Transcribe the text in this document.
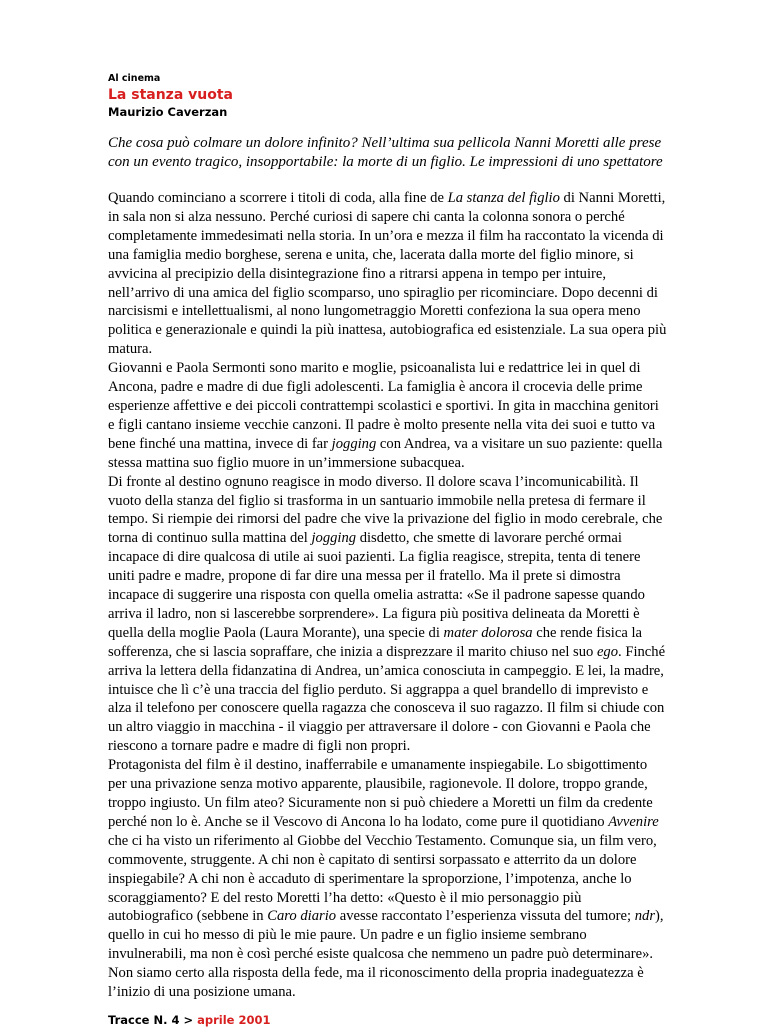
Al cinema
La stanza vuota
Maurizio Caverzan
Che cosa può colmare un dolore infinito? Nell’ultima sua pellicola Nanni Moretti alle prese con un evento tragico, insopportabile: la morte di un figlio. Le impressioni di uno spettatore

Quando cominciano a scorrere i titoli di coda, alla fine de La stanza del figlio di Nanni Moretti, in sala non si alza nessuno. Perché curiosi di sapere chi canta la colonna sonora o perché completamente immedesimati nella storia. In un’ora e mezza il film ha raccontato la vicenda di una famiglia medio borghese, serena e unita, che, lacerata dalla morte del figlio minore, si avvicina al precipizio della disintegrazione fino a ritrarsi appena in tempo per intuire, nell’arrivo di una amica del figlio scomparso, uno spiraglio per ricominciare. Dopo decenni di narcisismi e intellettualismi, al nono lungometraggio Moretti confeziona la sua opera meno politica e generazionale e quindi la più inattesa, autobiografica ed esistenziale. La sua opera più matura.

Giovanni e Paola Sermonti sono marito e moglie, psicoanalista lui e redattrice lei in quel di Ancona, padre e madre di due figli adolescenti. La famiglia è ancora il crocevia delle prime esperienze affettive e dei piccoli contrattempi scolastici e sportivi. In gita in macchina genitori e figli cantano insieme vecchie canzoni. Il padre è molto presente nella vita dei suoi e tutto va bene finché una mattina, invece di far jogging con Andrea, va a visitare un suo paziente: quella stessa mattina suo figlio muore in un’immersione subacquea.

Di fronte al destino ognuno reagisce in modo diverso. Il dolore scava l’incomunicabilità. Il vuoto della stanza del figlio si trasforma in un santuario immobile nella pretesa di fermare il tempo. Si riempie dei rimorsi del padre che vive la privazione del figlio in modo cerebrale, che torna di continuo sulla mattina del jogging disdetto, che smette di lavorare perché ormai incapace di dire qualcosa di utile ai suoi pazienti. La figlia reagisce, strepita, tenta di tenere uniti padre e madre, propone di far dire una messa per il fratello. Ma il prete si dimostra incapace di suggerire una risposta con quella omelia astratta: «Se il padrone sapesse quando arriva il ladro, non si lascerebbe sorprendere». La figura più positiva delineata da Moretti è quella della moglie Paola (Laura Morante), una specie di mater dolorosa che rende fisica la sofferenza, che si lascia sopraffare, che inizia a disprezzare il marito chiuso nel suo ego. Finché arriva la lettera della fidanzatina di Andrea, un’amica conosciuta in campeggio. E lei, la madre, intuisce che lì c’è una traccia del figlio perduto. Si aggrappa a quel brandello di imprevisto e alza il telefono per conoscere quella ragazza che conosceva il suo ragazzo. Il film si chiude con un altro viaggio in macchina - il viaggio per attraversare il dolore - con Giovanni e Paola che riescono a tornare padre e madre di figli non propri.

Protagonista del film è il destino, inafferrabile e umanamente inspiegabile. Lo sbigottimento per una privazione senza motivo apparente, plausibile, ragionevole. Il dolore, troppo grande, troppo ingiusto. Un film ateo? Sicuramente non si può chiedere a Moretti un film da credente perché non lo è. Anche se il Vescovo di Ancona lo ha lodato, come pure il quotidiano Avvenire che ci ha visto un riferimento al Giobbe del Vecchio Testamento. Comunque sia, un film vero, commovente, struggente. A chi non è capitato di sentirsi sorpassato e atterrito da un dolore inspiegabile? A chi non è accaduto di sperimentare la sproporzione, l’impotenza, anche lo scoraggiamento? E del resto Moretti l’ha detto: «Questo è il mio personaggio più autobiografico (sebbene in Caro diario avesse raccontato l’esperienza vissuta del tumore; ndr), quello in cui ho messo di più le mie paure. Un padre e un figlio insieme sembrano invulnerabili, ma non è così perché esiste qualcosa che nemmeno un padre può determinare». Non siamo certo alla risposta della fede, ma il riconoscimento della propria inadeguatezza è l’inizio di una posizione umana.

Tracce N. 4 > aprile 2001
